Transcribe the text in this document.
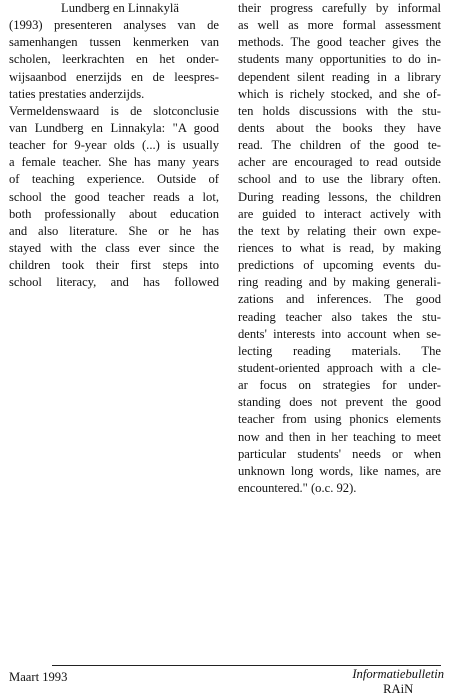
Lundberg en Linnakylä
(1993) presenteren analyses van de
samenhangen tussen kenmerken van
scholen, leerkrachten en het onder-
wijsaanbod enerzijds en de leespres-
taties prestaties anderzijds.
Vermeldenswaard is de slotconclusie
van Lundberg en Linnakyla: "A good
teacher for 9-year olds (...) is usually
a female teacher. She has many years
of teaching experience. Outside of
school the good teacher reads a lot,
both professionally about education
and also literature. She or he has
stayed with the class ever since the
children took their first steps into
school literacy, and has followed
their progress carefully by informal
as well as more formal assessment
methods. The good teacher gives the
students many opportunities to do in-
dependent silent reading in a library
which is richely stocked, and she of-
ten holds discussions with the stu-
dents about the books they have
read. The children of the good te-
acher are encouraged to read outside
school and to use the library often.
During reading lessons, the children
are guided to interact actively with
the text by relating their own expe-
riences to what is read, by making
predictions of upcoming events du-
ring reading and by making generali-
zations and inferences. The good
reading teacher also takes the stu-
dents' interests into account when se-
lecting reading materials. The
student-oriented approach with a cle-
ar focus on strategies for under-
standing does not prevent the good
teacher from using phonics elements
now and then in her teaching to meet
particular students' needs or when
unknown long words, like names, are
encountered." (o.c. 92).
Maart 1993	Informatiebulletin
RAiN
